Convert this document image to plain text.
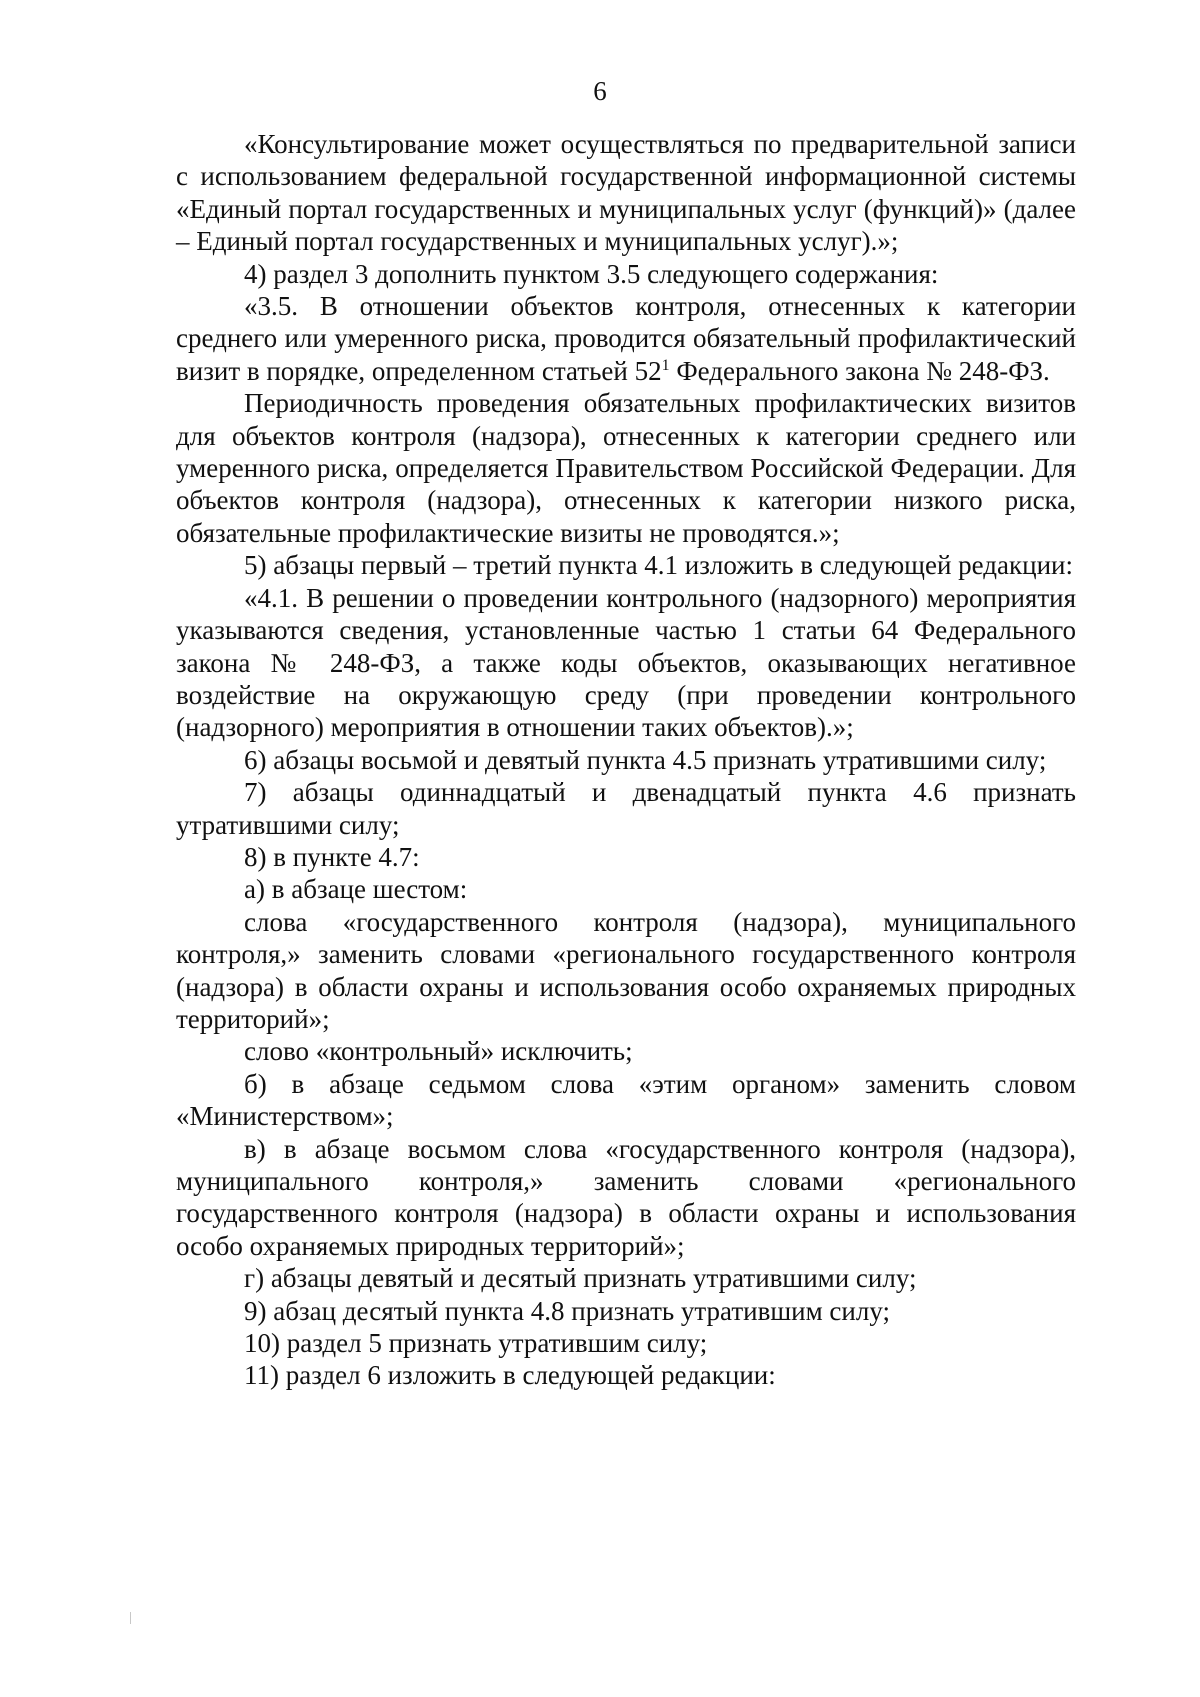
6

«Консультирование может осуществляться по предварительной записи с использованием федеральной государственной информационной системы «Единый портал государственных и муниципальных услуг (функций)» (далее – Единый портал государственных и муниципальных услуг).»;

4) раздел 3 дополнить пунктом 3.5 следующего содержания:

«3.5. В отношении объектов контроля, отнесенных к категории среднего или умеренного риска, проводится обязательный профилактический визит в порядке, определенном статьей $52^1$ Федерального закона № 248-ФЗ.

Периодичность проведения обязательных профилактических визитов для объектов контроля (надзора), отнесенных к категории среднего или умеренного риска, определяется Правительством Российской Федерации. Для объектов контроля (надзора), отнесенных к категории низкого риска, обязательные профилактические визиты не проводятся.»;

5) абзацы первый – третий пункта 4.1 изложить в следующей редакции:

«4.1. В решении о проведении контрольного (надзорного) мероприятия указываются сведения, установленные частью 1 статьи 64 Федерального закона № 248-ФЗ, а также коды объектов, оказывающих негативное воздействие на окружающую среду (при проведении контрольного (надзорного) мероприятия в отношении таких объектов).»;

6) абзацы восьмой и девятый пункта 4.5 признать утратившими силу;

7) абзацы одиннадцатый и двенадцатый пункта 4.6 признать утратившими силу;

8) в пункте 4.7:

а) в абзаце шестом:

слова «государственного контроля (надзора), муниципального контроля,» заменить словами «регионального государственного контроля (надзора) в области охраны и использования особо охраняемых природных территорий»;

слово «контрольный» исключить;

б) в абзаце седьмом слова «этим органом» заменить словом «Министерством»;

в) в абзаце восьмом слова «государственного контроля (надзора), муниципального контроля,» заменить словами «регионального государственного контроля (надзора) в области охраны и использования особо охраняемых природных территорий»;

г) абзацы девятый и десятый признать утратившими силу;

9) абзац десятый пункта 4.8 признать утратившим силу;

10) раздел 5 признать утратившим силу;

11) раздел 6 изложить в следующей редакции:
